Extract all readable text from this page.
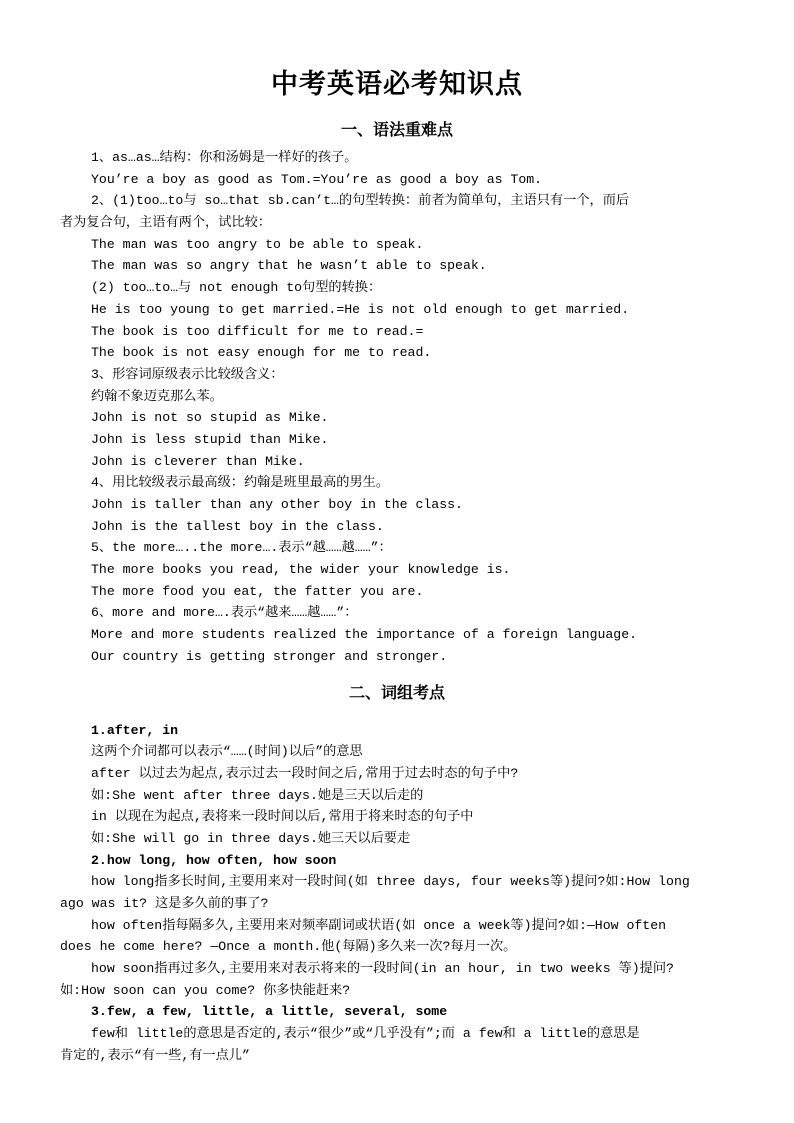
中考英语必考知识点
一、语法重难点
1、as…as…结构：你和汤姆是一样好的孩子。
You’re a boy as good as Tom.=You’re as good a boy as Tom.
2、(1)too…to与 so…that sb.can’t…的句型转换：前者为简单句，主语只有一个，而后
者为复合句，主语有两个，试比较：
The man was too angry to be able to speak.
The man was so angry that he wasn’t able to speak.
(2) too…to…与 not enough to句型的转换：
He is too young to get married.=He is not old enough to get married.
The book is too difficult for me to read.=
The book is not easy enough for me to read.
3、形容词原级表示比较级含义：
约翰不象迈克那么苯。
John is not so stupid as Mike.
John is less stupid than Mike.
John is cleverer than Mike.
4、用比较级表示最高级：约翰是班里最高的男生。
John is taller than any other boy in the class.
John is the tallest boy in the class.
5、the more…..the more….表示“越……越……”：
The more books you read, the wider your knowledge is.
The more food you eat, the fatter you are.
6、more and more….表示“越来……越……”：
More and more students realized the importance of a foreign language.
Our country is getting stronger and stronger.
1.after, in
这两个介词都可以表示“……(时间)以后”的意思
after 以过去为起点,表示过去一段时间之后,常用于过去时态的句子中?
如:She went after three days.她是三天以后走的
in 以现在为起点,表将来一段时间以后,常用于将来时态的句子中
如:She will go in three days.她三天以后要走
2.how long, how often, how soon
how long指多长时间,主要用来对一段时间(如 three days, four weeks等)提问?如:How long
ago was it? 这是多久前的事了?
how often指每隔多久,主要用来对频率副词或状语(如 once a week等)提问?如:—How often
does he come here? —Once a month.他(每隔)多久来一次?每月一次。
how soon指再过多久,主要用来对表示将来的一段时间(in an hour, in two weeks 等)提问?
如:How soon can you come? 你多快能赶来?
3.few, a few, little, a little, several, some
few和 little的意思是否定的,表示“很少”或“几乎没有”;而 a few和 a little的意思是
肯定的,表示“有一些,有一点儿”
二、词组考点
